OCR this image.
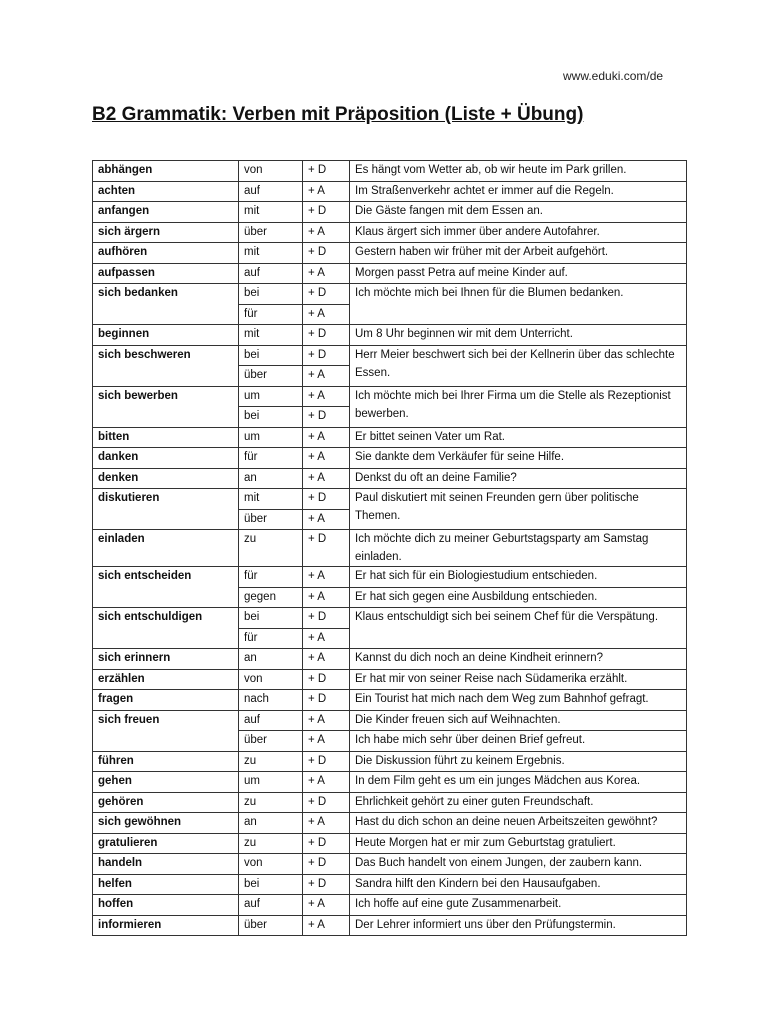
www.eduki.com/de
B2 Grammatik: Verben mit Präposition (Liste + Übung)
abhängen	von	+ D	Es hängt vom Wetter ab, ob wir heute im Park grillen.
achten	auf	+ A	Im Straßenverkehr achtet er immer auf die Regeln.
anfangen	mit	+ D	Die Gäste fangen mit dem Essen an.
sich ärgern	über	+ A	Klaus ärgert sich immer über andere Autofahrer.
aufhören	mit	+ D	Gestern haben wir früher mit der Arbeit aufgehört.
aufpassen	auf	+ A	Morgen passt Petra auf meine Kinder auf.
sich bedanken	bei	+ D	Ich möchte mich bei Ihnen für die Blumen bedanken.
	für	+ A	
beginnen	mit	+ D	Um 8 Uhr beginnen wir mit dem Unterricht.
sich beschweren	bei	+ D	Herr Meier beschwert sich bei der Kellnerin über das schlechte Essen.
	über	+ A	
sich bewerben	um	+ A	Ich möchte mich bei Ihrer Firma um die Stelle als Rezeptionist bewerben.
	bei	+ D	
bitten	um	+ A	Er bittet seinen Vater um Rat.
danken	für	+ A	Sie dankte dem Verkäufer für seine Hilfe.
denken	an	+ A	Denkst du oft an deine Familie?
diskutieren	mit	+ D	Paul diskutiert mit seinen Freunden gern über politische Themen.
	über	+ A	
einladen	zu	+ D	Ich möchte dich zu meiner Geburtstagsparty am Samstag einladen.
sich entscheiden	für	+ A	Er hat sich für ein Biologiestudium entschieden.
	gegen	+ A	Er hat sich gegen eine Ausbildung entschieden.
sich entschuldigen	bei	+ D	Klaus entschuldigt sich bei seinem Chef für die Verspätung.
	für	+ A	
sich erinnern	an	+ A	Kannst du dich noch an deine Kindheit erinnern?
erzählen	von	+ D	Er hat mir von seiner Reise nach Südamerika erzählt.
fragen	nach	+ D	Ein Tourist hat mich nach dem Weg zum Bahnhof gefragt.
sich freuen	auf	+ A	Die Kinder freuen sich auf Weihnachten.
	über	+ A	Ich habe mich sehr über deinen Brief gefreut.
führen	zu	+ D	Die Diskussion führt zu keinem Ergebnis.
gehen	um	+ A	In dem Film geht es um ein junges Mädchen aus Korea.
gehören	zu	+ D	Ehrlichkeit gehört zu einer guten Freundschaft.
sich gewöhnen	an	+ A	Hast du dich schon an deine neuen Arbeitszeiten gewöhnt?
gratulieren	zu	+ D	Heute Morgen hat er mir zum Geburtstag gratuliert.
handeln	von	+ D	Das Buch handelt von einem Jungen, der zaubern kann.
helfen	bei	+ D	Sandra hilft den Kindern bei den Hausaufgaben.
hoffen	auf	+ A	Ich hoffe auf eine gute Zusammenarbeit.
informieren	über	+ A	Der Lehrer informiert uns über den Prüfungstermin.
